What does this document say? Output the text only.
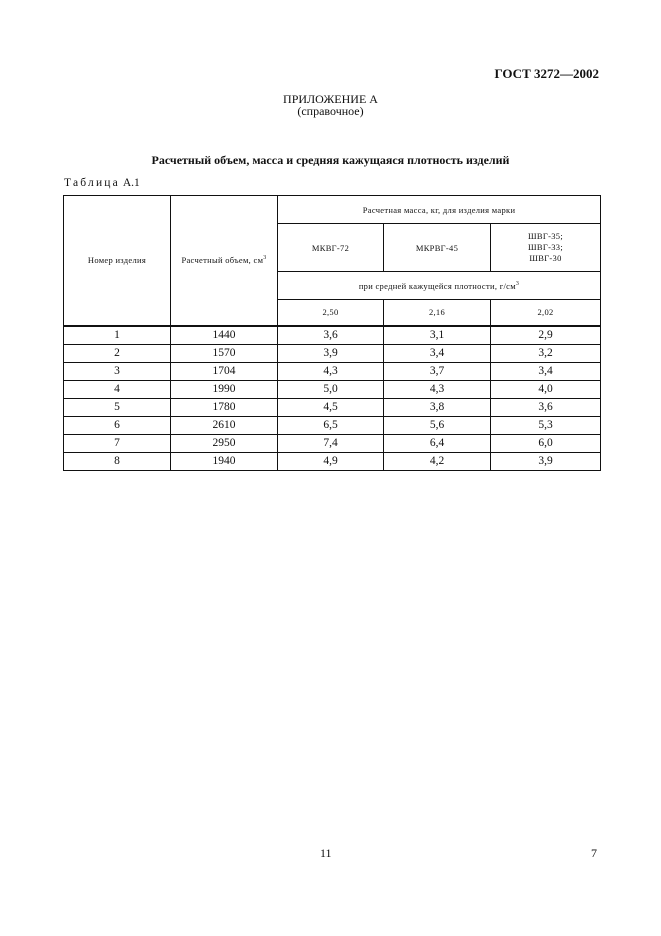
ГОСТ 3272—2002
ПРИЛОЖЕНИЕ А
(справочное)
Расчетный объем, масса и средняя кажущаяся плотность изделий
Таблица А.1
Номер изделия	Расчетный объем, $см^3$	Расчетная масса, кг, для изделия марки		
		МКВГ-72	МКРВГ-45	ШВГ-35;
ШВГ-33;
ШВГ-30

		при средней кажущейся плотности, $г/см^3$
		2,50	2,16	2,02
1	1440	3,6	3,1	2,9
2	1570	3,9	3,4	3,2
3	1704	4,3	3,7	3,4
4	1990	5,0	4,3	4,0
5	1780	4,5	3,8	3,6
6	2610	6,5	5,6	5,3
7	2950	7,4	6,4	6,0
8	1940	4,9	4,2	3,9
11	7
